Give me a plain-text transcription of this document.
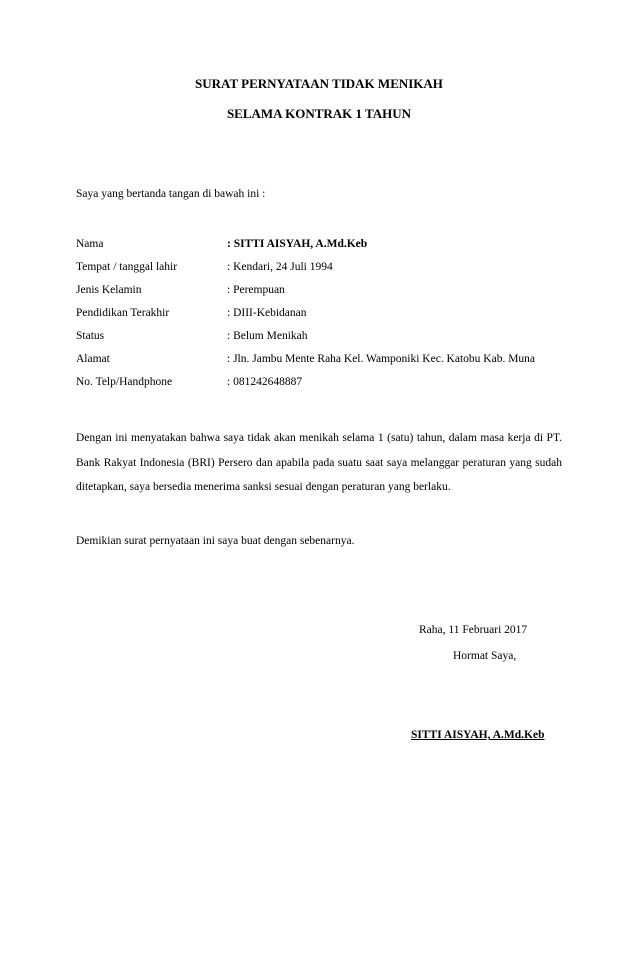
SURAT PERNYATAAN TIDAK MENIKAH
SELAMA KONTRAK 1 TAHUN
Saya yang bertanda tangan di bawah ini :
Nama	: SITTI AISYAH, A.Md.Keb
Tempat / tanggal lahir	: Kendari, 24 Juli 1994
Jenis Kelamin	: Perempuan
Pendidikan Terakhir	: DIII-Kebidanan
Status	: Belum Menikah
Alamat	: Jln. Jambu Mente Raha Kel. Wamponiki Kec. Katobu Kab. Muna
No. Telp/Handphone	: 081242648887
Dengan ini menyatakan bahwa saya tidak akan menikah selama 1 (satu) tahun, dalam masa kerja di PT. Bank Rakyat Indonesia (BRI) Persero dan apabila pada suatu saat saya melanggar peraturan yang sudah ditetapkan, saya bersedia menerima sanksi sesuai dengan peraturan yang berlaku.
Demikian surat pernyataan ini saya buat dengan sebenarnya.
Raha, 11 Februari 2017
Hormat Saya,
SITTI AISYAH, A.Md.Keb
